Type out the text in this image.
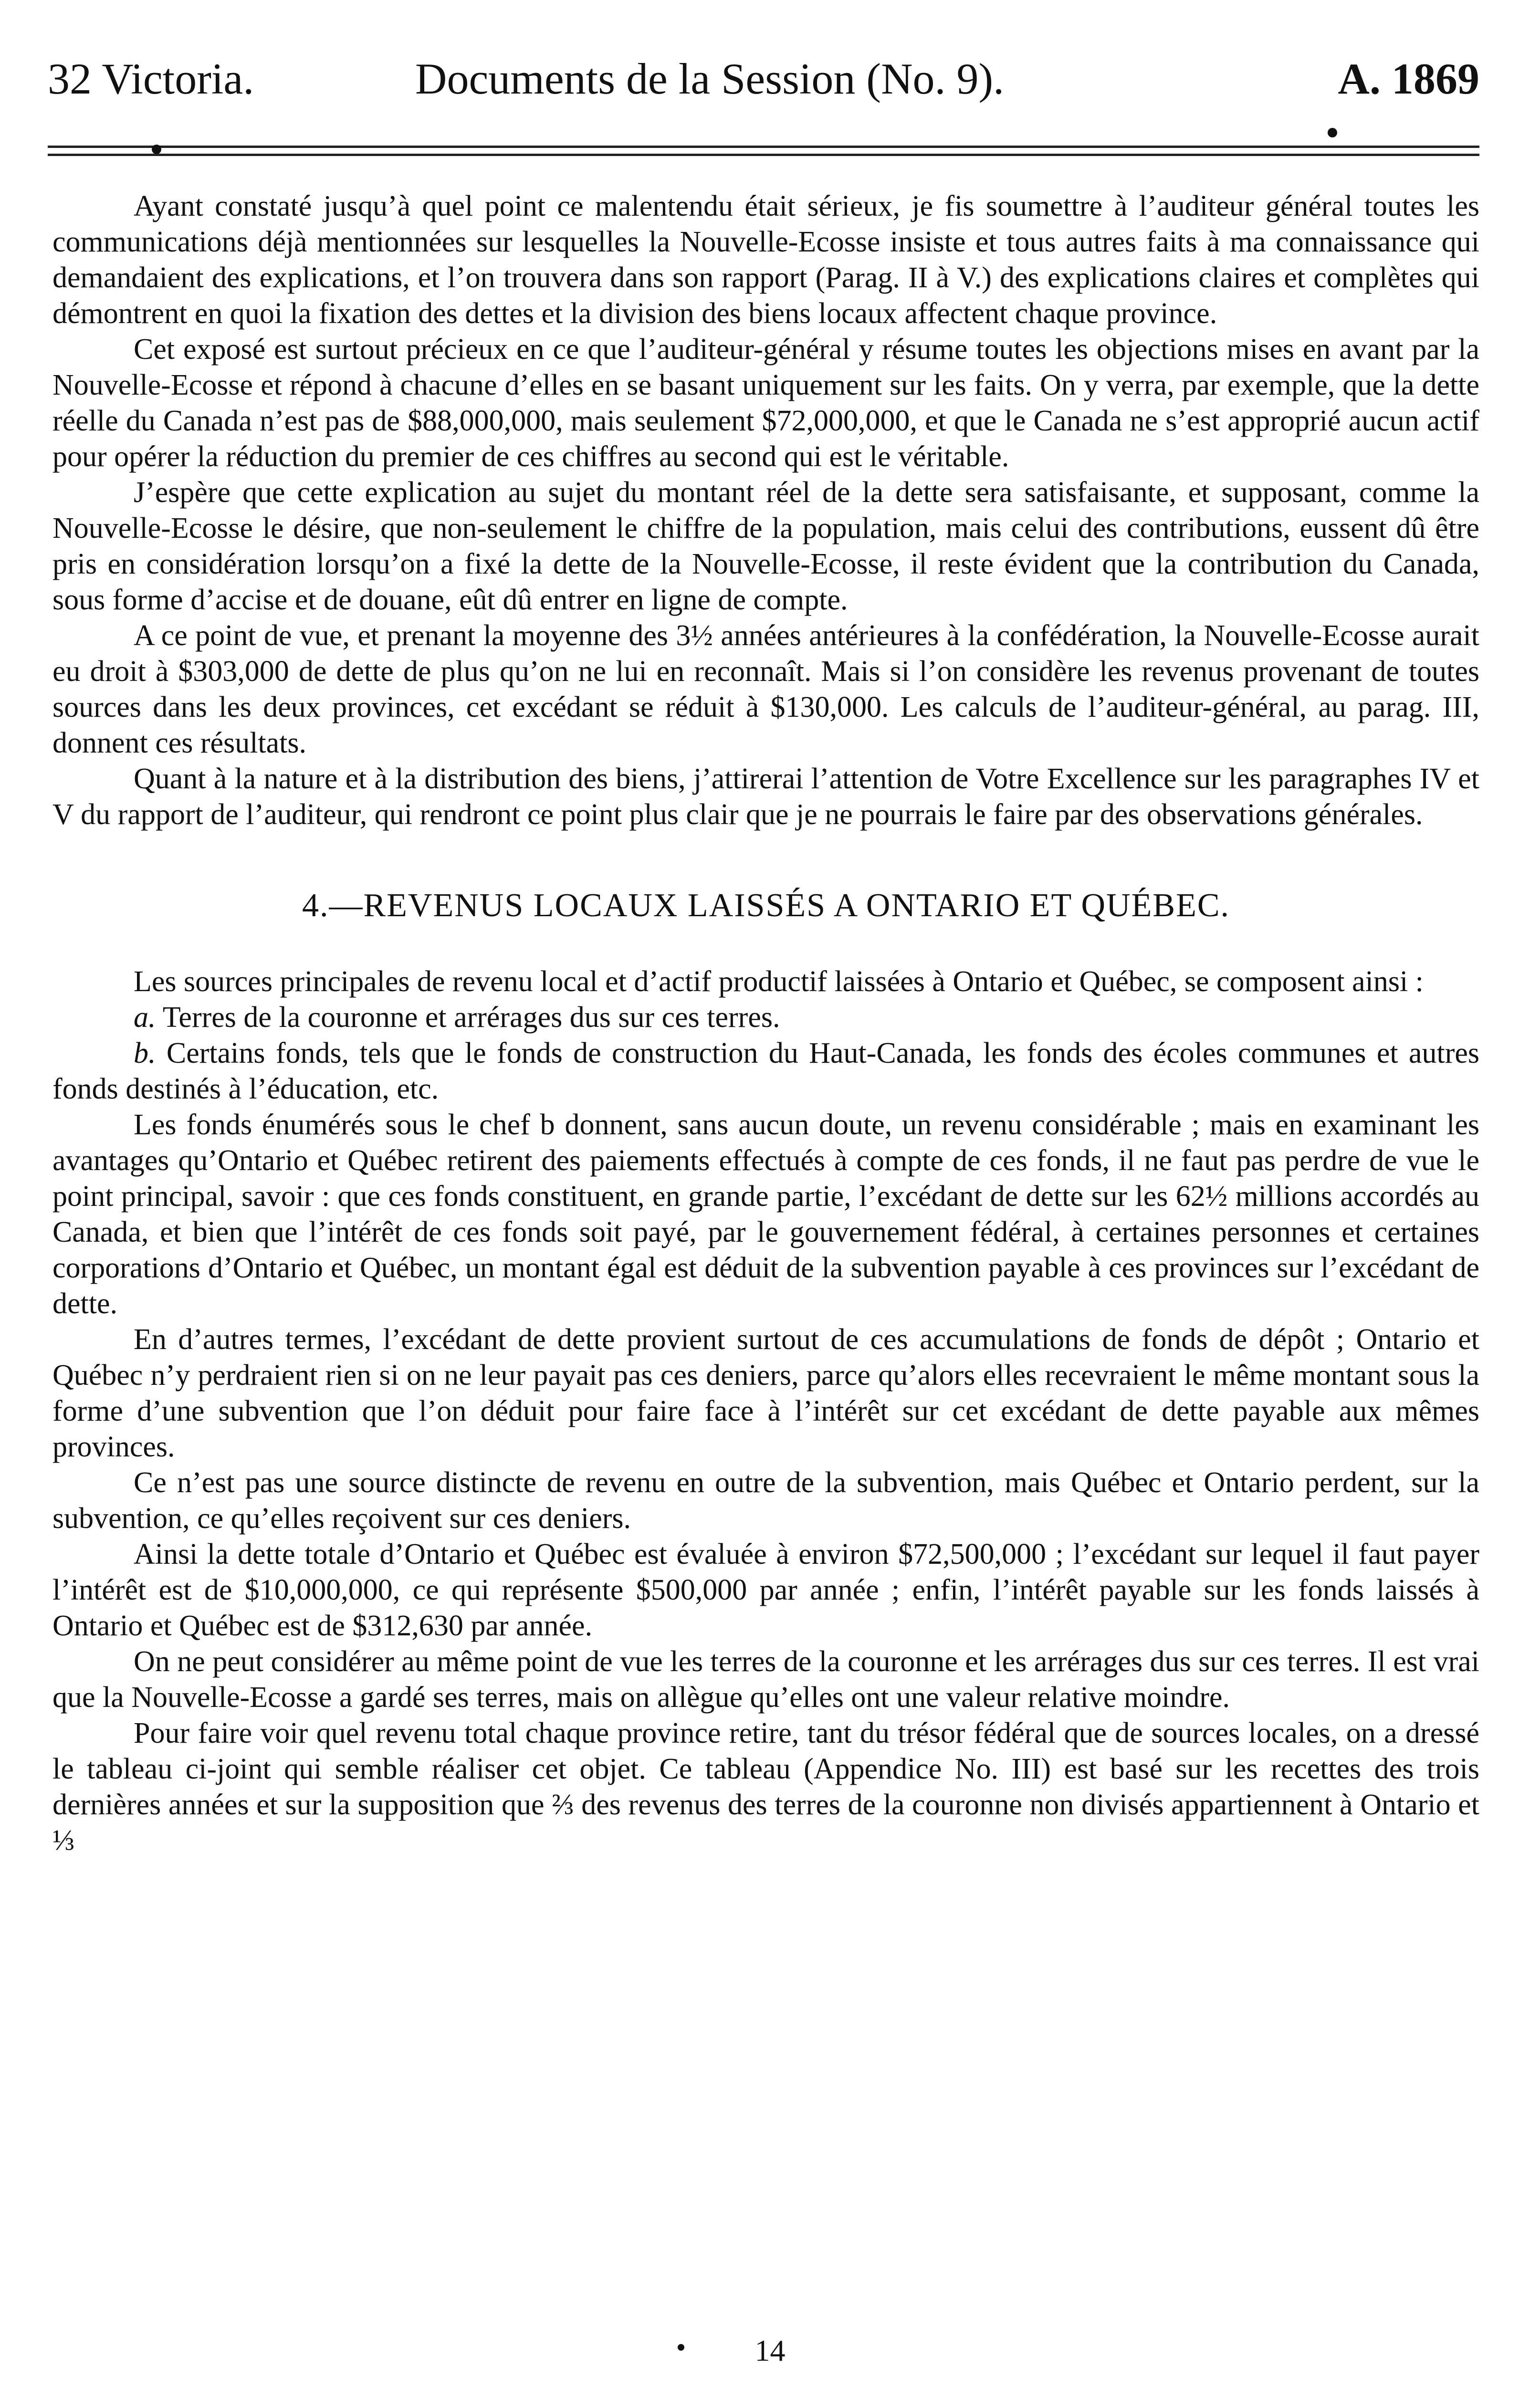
32 Victoria.	Documents de la Session (No. 9).	A. 1869

Ayant constaté jusqu’à quel point ce malentendu était sérieux, je fis soumettre à l’auditeur général toutes les communications déjà mentionnées sur lesquelles la Nouvelle-Ecosse insiste et tous autres faits à ma connaissance qui demandaient des explications, et l’on trouvera dans son rapport (Parag. II à V.) des explications claires et complètes qui démontrent en quoi la fixation des dettes et la division des biens locaux affectent chaque province.

Cet exposé est surtout précieux en ce que l’auditeur-général y résume toutes les objections mises en avant par la Nouvelle-Ecosse et répond à chacune d’elles en se basant uniquement sur les faits. On y verra, par exemple, que la dette réelle du Canada n’est pas de $88,000,000, mais seulement $72,000,000, et que le Canada ne s’est approprié aucun actif pour opérer la réduction du premier de ces chiffres au second qui est le véritable.

J’espère que cette explication au sujet du montant réel de la dette sera satisfaisante, et supposant, comme la Nouvelle-Ecosse le désire, que non-seulement le chiffre de la population, mais celui des contributions, eussent dû être pris en considération lorsqu’on a fixé la dette de la Nouvelle-Ecosse, il reste évident que la contribution du Canada, sous forme d’accise et de douane, eût dû entrer en ligne de compte.

A ce point de vue, et prenant la moyenne des 3½ années antérieures à la confédération, la Nouvelle-Ecosse aurait eu droit à $303,000 de dette de plus qu’on ne lui en reconnaît. Mais si l’on considère les revenus provenant de toutes sources dans les deux provinces, cet excédant se réduit à $130,000. Les calculs de l’auditeur-général, au parag. III, donnent ces résultats.

Quant à la nature et à la distribution des biens, j’attirerai l’attention de Votre Excellence sur les paragraphes IV et V du rapport de l’auditeur, qui rendront ce point plus clair que je ne pourrais le faire par des observations générales.

4.—REVENUS LOCAUX LAISSÉS A ONTARIO ET QUÉBEC.

Les sources principales de revenu local et d’actif productif laissées à Ontario et Québec, se composent ainsi :

a. Terres de la couronne et arrérages dus sur ces terres.

b. Certains fonds, tels que le fonds de construction du Haut-Canada, les fonds des écoles communes et autres fonds destinés à l’éducation, etc.

Les fonds énumérés sous le chef b donnent, sans aucun doute, un revenu considérable ; mais en examinant les avantages qu’Ontario et Québec retirent des paiements effectués à compte de ces fonds, il ne faut pas perdre de vue le point principal, savoir : que ces fonds constituent, en grande partie, l’excédant de dette sur les 62½ millions accordés au Canada, et bien que l’intérêt de ces fonds soit payé, par le gouvernement fédéral, à certaines personnes et certaines corporations d’Ontario et Québec, un montant égal est déduit de la subvention payable à ces provinces sur l’excédant de dette.

En d’autres termes, l’excédant de dette provient surtout de ces accumulations de fonds de dépôt ; Ontario et Québec n’y perdraient rien si on ne leur payait pas ces deniers, parce qu’alors elles recevraient le même montant sous la forme d’une subvention que l’on déduit pour faire face à l’intérêt sur cet excédant de dette payable aux mêmes provinces.

Ce n’est pas une source distincte de revenu en outre de la subvention, mais Québec et Ontario perdent, sur la subvention, ce qu’elles reçoivent sur ces deniers.

Ainsi la dette totale d’Ontario et Québec est évaluée à environ $72,500,000 ; l’excédant sur lequel il faut payer l’intérêt est de $10,000,000, ce qui représente $500,000 par année ; enfin, l’intérêt payable sur les fonds laissés à Ontario et Québec est de $312,630 par année.

On ne peut considérer au même point de vue les terres de la couronne et les arrérages dus sur ces terres. Il est vrai que la Nouvelle-Ecosse a gardé ses terres, mais on allègue qu’elles ont une valeur relative moindre.

Pour faire voir quel revenu total chaque province retire, tant du trésor fédéral que de sources locales, on a dressé le tableau ci-joint qui semble réaliser cet objet. Ce tableau (Appendice No. III) est basé sur les recettes des trois dernières années et sur la supposition que ⅔ des revenus des terres de la couronne non divisés appartiennent à Ontario et ⅓

14
